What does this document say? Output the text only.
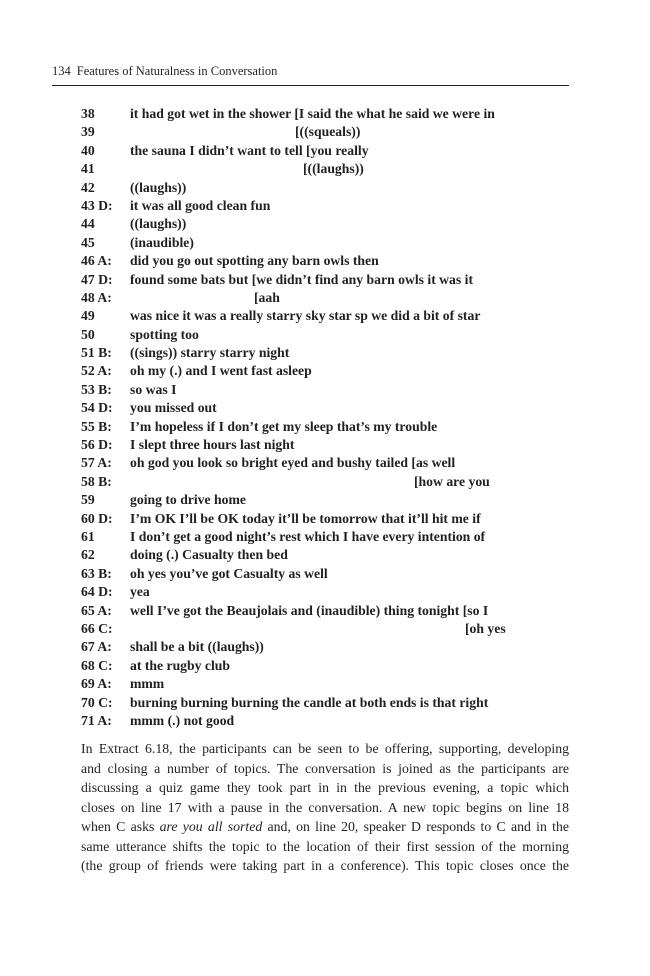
134 Features of Naturalness in Conversation
38	it had got wet in the shower [I said the what he said we were in
39	[((squeals))
40	the sauna I didn’t want to tell [you really
41	[((laughs))
42	((laughs))
43 D: it was all good clean fun
44	((laughs))
45	(inaudible)
46 A: did you go out spotting any barn owls then
47 D: found some bats but [we didn’t find any barn owls it was it
48 A:	[aah
49	was nice it was a really starry sky star sp we did a bit of star
50	spotting too
51 B: ((sings)) starry starry night
52 A: oh my (.) and I went fast asleep
53 B: so was I
54 D: you missed out
55 B: I’m hopeless if I don’t get my sleep that’s my trouble
56 D: I slept three hours last night
57 A: oh god you look so bright eyed and bushy tailed [as well
58 B:	[how are you
59	going to drive home
60 D: I’m OK I’ll be OK today it’ll be tomorrow that it’ll hit me if
61	I don’t get a good night’s rest which I have every intention of
62	doing (.) Casualty then bed
63 B: oh yes you’ve got Casualty as well
64 D: yea
65 A: well I’ve got the Beaujolais and (inaudible) thing tonight [so I
66 C:	[oh yes
67 A: shall be a bit ((laughs))
68 C: at the rugby club
69 A: mmm
70 C: burning burning burning the candle at both ends is that right
71 A: mmm (.) not good
In Extract 6.18, the participants can be seen to be offering, supporting, developing
and closing a number of topics. The conversation is joined as the participants are
discussing a quiz game they took part in in the previous evening, a topic which
closes on line 17 with a pause in the conversation. A new topic begins on line 18
when C asks are you all sorted and, on line 20, speaker D responds to C and in the
same utterance shifts the topic to the location of their first session of the morning
(the group of friends were taking part in a conference). This topic closes once the
